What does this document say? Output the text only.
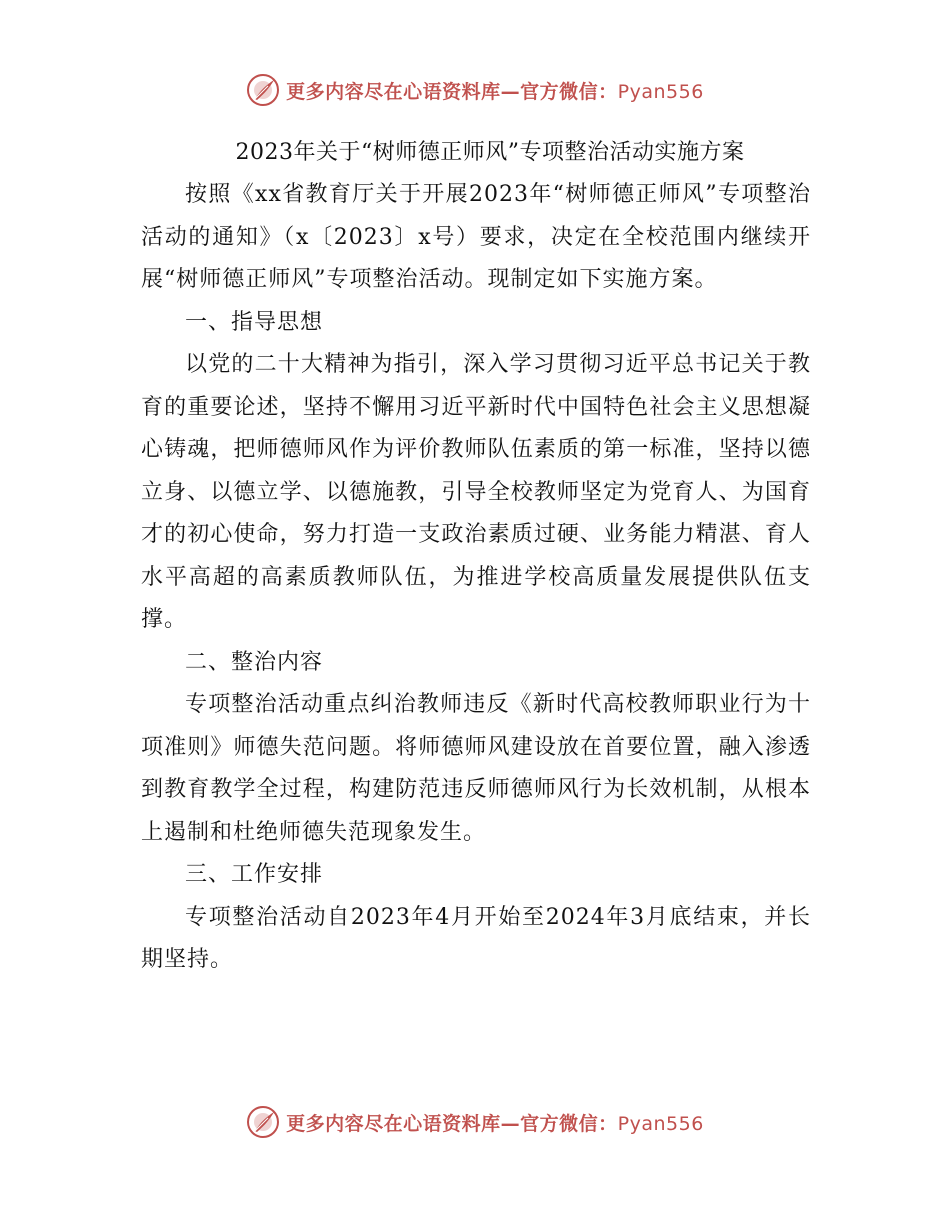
更多内容尽在心语资料库—官方微信：Pyan556

2023年关于“树师德正师风”专项整治活动实施方案

按照《xx省教育厅关于开展2023年“树师德正师风”专项整治活动的通知》（x〔2023〕x号）要求，决定在全校范围内继续开展“树师德正师风”专项整治活动。现制定如下实施方案。

一、指导思想

以党的二十大精神为指引，深入学习贯彻习近平总书记关于教育的重要论述，坚持不懈用习近平新时代中国特色社会主义思想凝心铸魂，把师德师风作为评价教师队伍素质的第一标准，坚持以德立身、以德立学、以德施教，引导全校教师坚定为党育人、为国育才的初心使命，努力打造一支政治素质过硬、业务能力精湛、育人水平高超的高素质教师队伍，为推进学校高质量发展提供队伍支撑。

二、整治内容

专项整治活动重点纠治教师违反《新时代高校教师职业行为十项准则》师德失范问题。将师德师风建设放在首要位置，融入渗透到教育教学全过程，构建防范违反师德师风行为长效机制，从根本上遏制和杜绝师德失范现象发生。

三、工作安排

专项整治活动自2023年4月开始至2024年3月底结束，并长期坚持。

更多内容尽在心语资料库—官方微信：Pyan556
